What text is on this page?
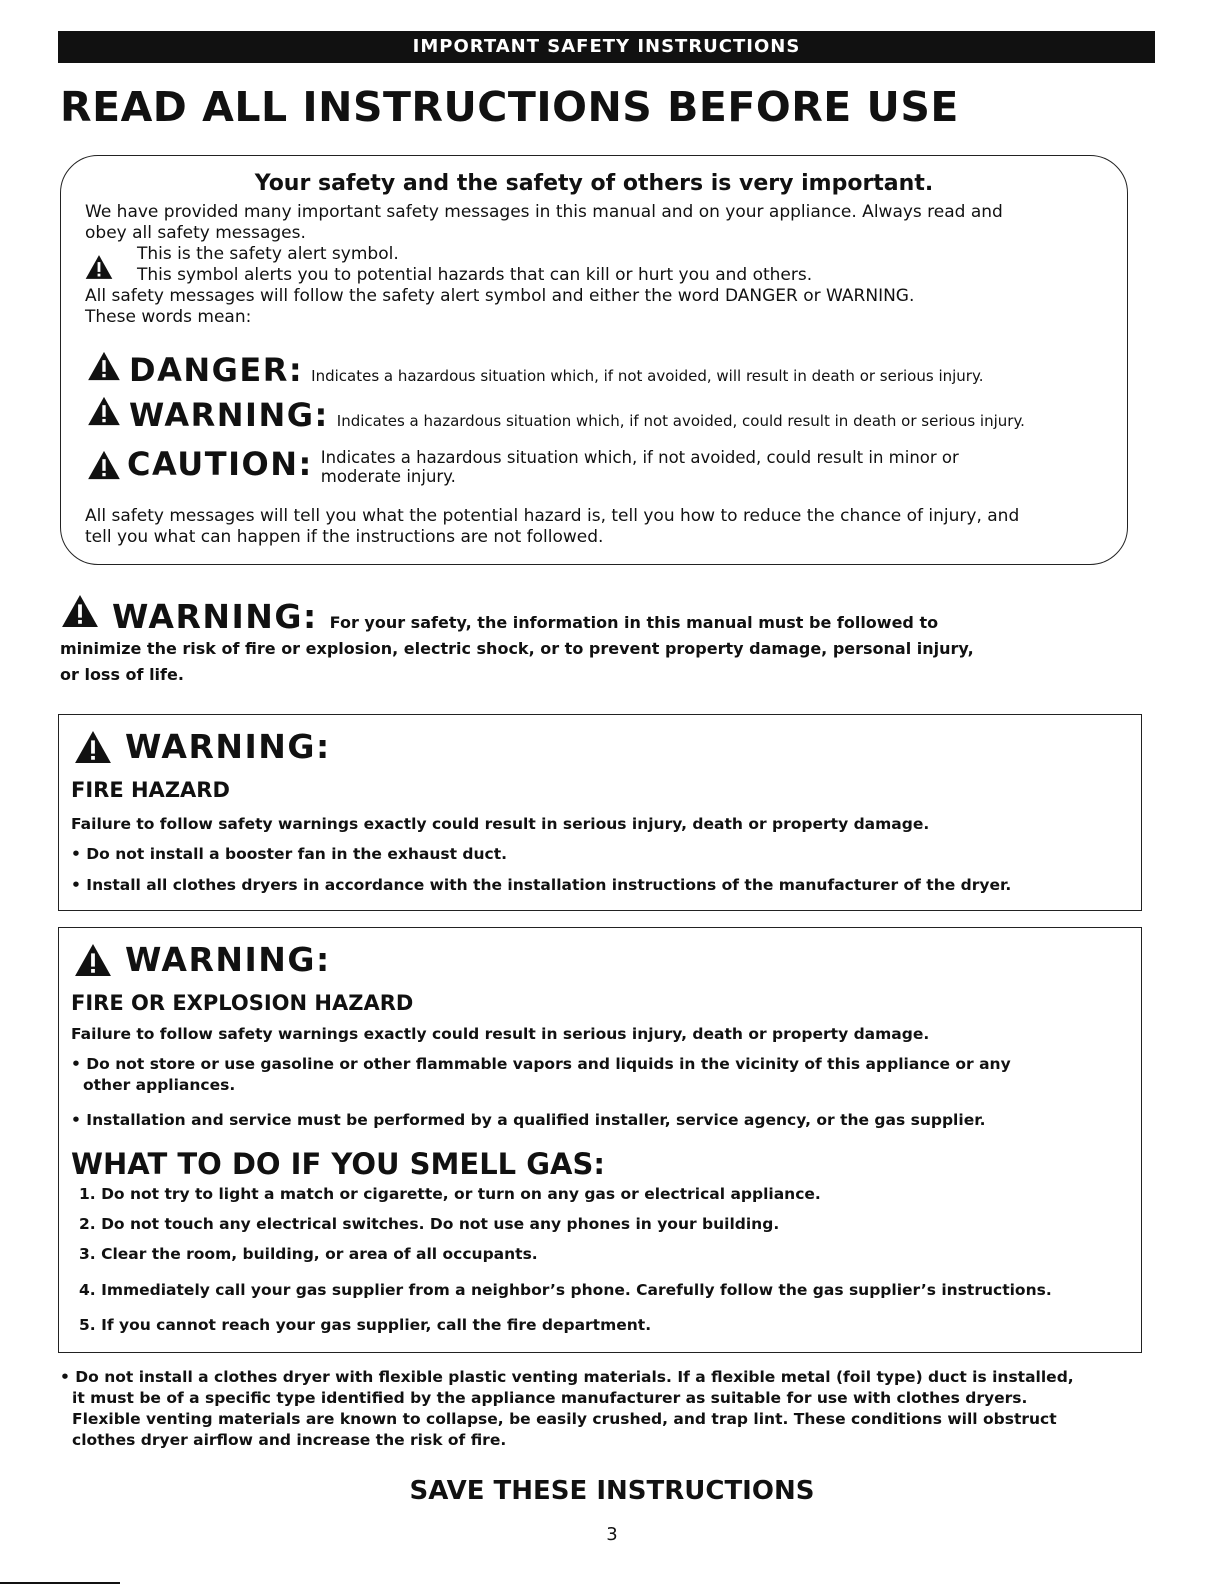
IMPORTANT SAFETY INSTRUCTIONS
READ ALL INSTRUCTIONS BEFORE USE
Your safety and the safety of others is very important.

We have provided many important safety messages in this manual and on your appliance. Always read and

obey all safety messages.

This is the safety alert symbol.

This symbol alerts you to potential hazards that can kill or hurt you and others.

All safety messages will follow the safety alert symbol and either the word DANGER or WARNING.

These words mean:

DANGER: Indicates a hazardous situation which, if not avoided, will result in death or serious injury.
WARNING: Indicates a hazardous situation which, if not avoided, could result in death or serious injury.
CAUTION: Indicates a hazardous situation which, if not avoided, could result in minor or
moderate injury.

All safety messages will tell you what the potential hazard is, tell you how to reduce the chance of injury, and

tell you what can happen if the instructions are not followed.

WARNING: For your safety, the information in this manual must be followed to
minimize the risk of fire or explosion, electric shock, or to prevent property damage, personal injury,
or loss of life.
WARNING:
FIRE HAZARD
Failure to follow safety warnings exactly could result in serious injury, death or property damage.
• Do not install a booster fan in the exhaust duct.
• Install all clothes dryers in accordance with the installation instructions of the manufacturer of the dryer.
WARNING:
FIRE OR EXPLOSION HAZARD
Failure to follow safety warnings exactly could result in serious injury, death or property damage.
• Do not store or use gasoline or other flammable vapors and liquids in the vicinity of this appliance or any
other appliances.
• Installation and service must be performed by a qualified installer, service agency, or the gas supplier.
WHAT TO DO IF YOU SMELL GAS:
1. Do not try to light a match or cigarette, or turn on any gas or electrical appliance.
2. Do not touch any electrical switches. Do not use any phones in your building.
3. Clear the room, building, or area of all occupants.
4. Immediately call your gas supplier from a neighbor’s phone. Carefully follow the gas supplier’s instructions.
5. If you cannot reach your gas supplier, call the fire department.
• Do not install a clothes dryer with flexible plastic venting materials. If a flexible metal (foil type) duct is installed,
it must be of a specific type identified by the appliance manufacturer as suitable for use with clothes dryers.
Flexible venting materials are known to collapse, be easily crushed, and trap lint. These conditions will obstruct
clothes dryer airflow and increase the risk of fire.
SAVE THESE INSTRUCTIONS
3
